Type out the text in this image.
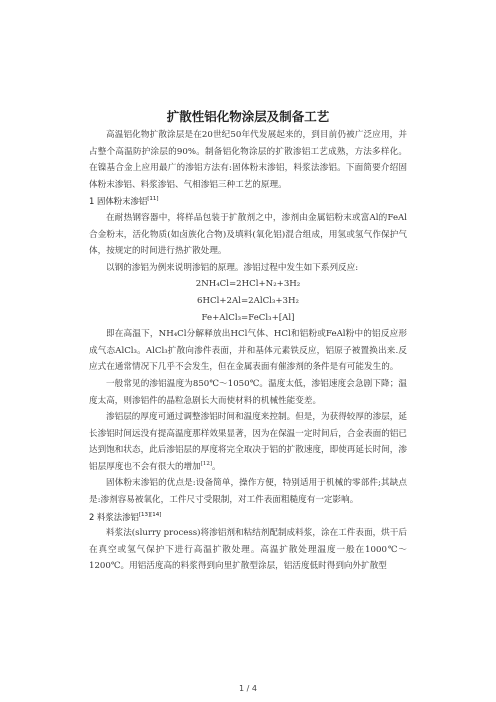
扩散性铝化物涂层及制备工艺

高温铝化物扩散涂层是在20世纪50年代发展起来的，到目前仍被广泛应用，并占整个高温防护涂层的90%。制备铝化物涂层的扩散渗铝工艺成熟，方法多样化。在镍基合金上应用最广的渗铝方法有:固体粉末渗铝，料浆法渗铝。下面简要介绍固体粉末渗铝、料浆渗铝、气相渗铝三种工艺的原理。

1 固体粉末渗铝[11]

在耐热钢容器中，将样品包装于扩散剂之中，渗剂由金属铝粉末或富Al的FeAl合金粉末，活化物质(如卤族化合物)及填料(氧化铝)混合组成，用氢或氢气作保护气体，按规定的时间进行热扩散处理。

以钢的渗铝为例来说明渗铝的原理。渗铝过程中发生如下系列反应:

2NH₄Cl=2HCl+N₂+3H₂

6HCl+2Al=2AlCl₃+3H₂

Fe+AlCl₃=FeCl₃+[Al]

即在高温下，NH₄Cl分解释放出HCl气体、HCl和铝粉或FeAl粉中的铝反应形成气态AlCl₃。AlCl₃扩散向渗件表面，并和基体元素铁反应，铝原子被置换出来.反应式在通常情况下几乎不会发生，但在金属表面有催渗剂的条件是有可能发生的。

一般常见的渗铝温度为850℃～1050℃。温度太低，渗铝速度会急剧下降；温度太高，则渗铝件的晶粒急剧长大而使材料的机械性能变差。

渗铝层的厚度可通过调整渗铝时间和温度来控制。但是，为获得较厚的渗层，延长渗铝时间远没有提高温度那样效果显著，因为在保温一定时间后，合金表面的铝已达到饱和状态，此后渗铝层的厚度将完全取决于铝的扩散速度，即使再延长时间，渗铝层厚度也不会有很大的增加[12]。

固体粉末渗铝的优点是:设备简单，操作方便，特别适用于机械的零部件;其缺点是:渗剂容易被氧化，工件尺寸受限制，对工件表面粗糙度有一定影响。

2 料浆法渗铝[13][14]

料浆法(slurry process)将渗铝剂和粘结剂配制成料浆，涂在工件表面，烘干后在真空或氢气保护下进行高温扩散处理。高温扩散处理温度一般在1000℃～1200℃。用铝活度高的料浆得到向里扩散型涂层，铝活度低时得到向外扩散型

1 / 4
